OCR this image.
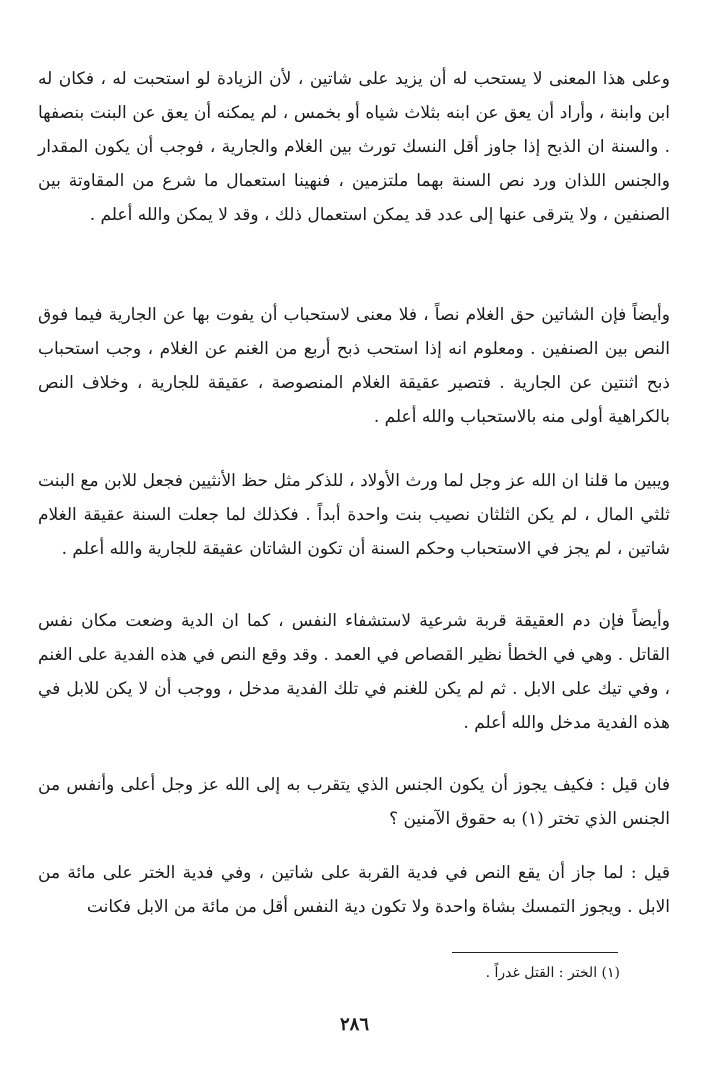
وعلى هذا المعنى لا يستحب له أن يزيد على شاتين ، لأن الزيادة لو استحبت له ، فكان له ابن وابنة ، وأراد أن يعق عن ابنه بثلاث شياه أو بخمس ، لم يمكنه أن يعق عن البنت بنصفها . والسنة ان الذبح إذا جاوز أقل النسك تورث بين الغلام والجارية ، فوجب أن يكون المقدار والجنس اللذان ورد نص السنة بهما ملتزمين ، فنهينا استعمال ما شرع من المقاوتة بين الصنفين ، ولا يترقى عنها إلى عدد قد يمكن استعمال ذلك ، وقد لا يمكن والله أعلم .

وأيضاً فإن الشاتين حق الغلام نصاً ، فلا معنى لاستحباب أن يفوت بها عن الجارية فيما فوق النص بين الصنفين . ومعلوم انه إذا استحب ذبح أربع من الغنم عن الغلام ، وجب استحباب ذبح اثنتين عن الجارية . فتصير عقيقة الغلام المنصوصة ، عقيقة للجارية ، وخلاف النص بالكراهية أولى منه بالاستحباب والله أعلم .

ويبين ما قلنا ان الله عز وجل لما ورث الأولاد ، للذكر مثل حظ الأنثيين فجعل للابن مع البنت ثلثي المال ، لم يكن الثلثان نصيب بنت واحدة أبداً . فكذلك لما جعلت السنة عقيقة الغلام شاتين ، لم يجز في الاستحباب وحكم السنة أن تكون الشاتان عقيقة للجارية والله أعلم .

وأيضاً فإن دم العقيقة قربة شرعية لاستشفاء النفس ، كما ان الدية وضعت مكان نفس القاتل . وهي في الخطأ نظير القصاص في العمد . وقد وقع النص في هذه الفدية على الغنم ، وفي تيك على الابل . ثم لم يكن للغنم في تلك الفدية مدخل ، ووجب أن لا يكن للابل في هذه الفدية مدخل والله أعلم .

فان قيل : فكيف يجوز أن يكون الجنس الذي يتقرب به إلى الله عز وجل أعلى وأنفس من الجنس الذي تختر (١) به حقوق الآمنين ؟

قيل : لما جاز أن يقع النص في فدية القربة على شاتين ، وفي فدية الختر على مائة من الابل . ويجوز التمسك بشاة واحدة ولا تكون دية النفس أقل من مائة من الابل فكانت

(١) الختر : القتل غدراً .
٢٨٦
